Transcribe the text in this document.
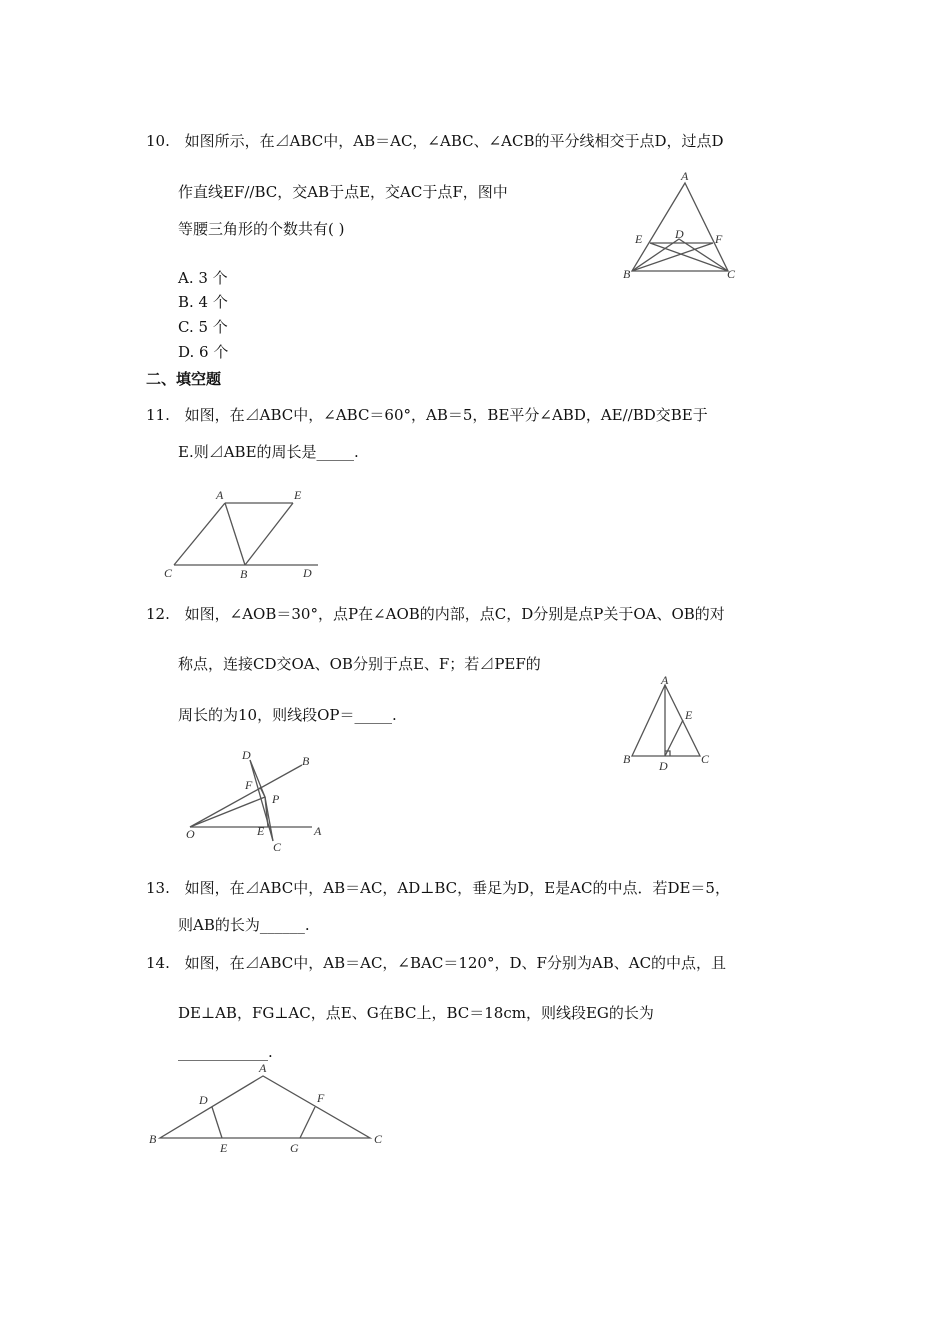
10. 如图所示，在⊿ABC中，AB＝AC，∠ABC、∠ACB的平分线相交于点D，过点D
作直线EF//BC，交AB于点E，交AC于点F，图中
等腰三角形的个数共有( )
A. 3 个
B. 4 个
C. 5 个
D. 6 个
A
D
E	F
B	C
二、填空题
11. 如图，在⊿ABC中，∠ABC＝60°，AB＝5，BE平分∠ABD，AE//BD交BE于
E.则⊿ABE的周长是_____.
A	E
C	B	D
12. 如图，∠AOB＝30°，点P在∠AOB的内部，点C，D分别是点P关于OA、OB的对
称点，连接CD交OA、OB分别于点E、F；若⊿PEF的
周长的为10，则线段OP＝_____.
D	B
F
P
O	E	A
C
A
E
B D	C
13. 如图，在⊿ABC中，AB＝AC，AD⊥BC，垂足为D，E是AC的中点．若DE＝5，
则AB的长为______.
14. 如图，在⊿ABC中，AB＝AC，∠BAC＝120°，D、F分别为AB、AC的中点，且
DE⊥AB，FG⊥AC，点E、G在BC上，BC＝18cm，则线段EG的长为
____________.
A
D	F
B
E	G
C
